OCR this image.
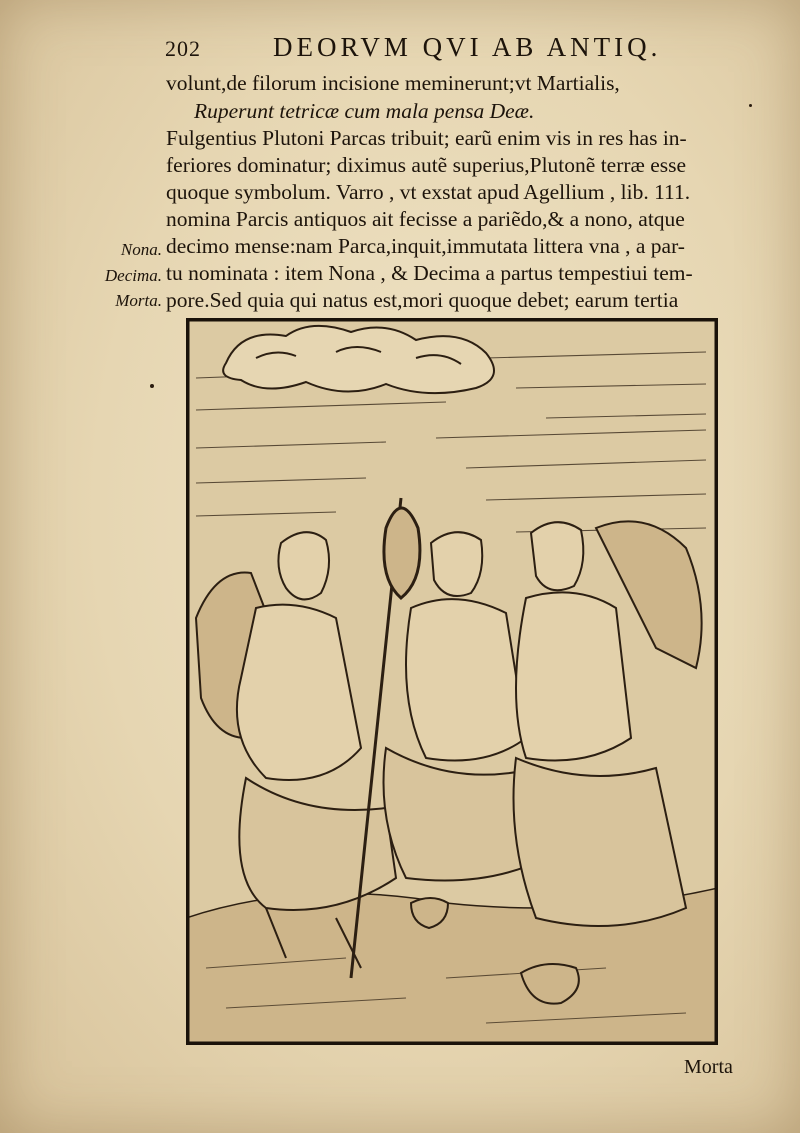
202	DEORVM QVI AB ANTIQ.
volunt,de filorum incisione meminerunt;vt Martialis,
Ruperunt tetricæ cum mala pensa Deæ.
Fulgentius Plutoni Parcas tribuit; earũ enim vis in res has in-
feriores dominatur; diximus autẽ superius,Plutonẽ terræ esse
quoque symbolum. Varro , vt exstat apud Agellium , lib. 111.
nomina Parcis antiquos ait fecisse a pariẽdo,& a nono, atque
decimo mense:nam Parca,inquit,immutata littera vna , a par-
tu nominata : item Nona , & Decima a partus tempestiui tem-
pore.Sed quia qui natus est,mori quoque debet; earum tertia
Nona.
Decima.
Morta.
Morta
